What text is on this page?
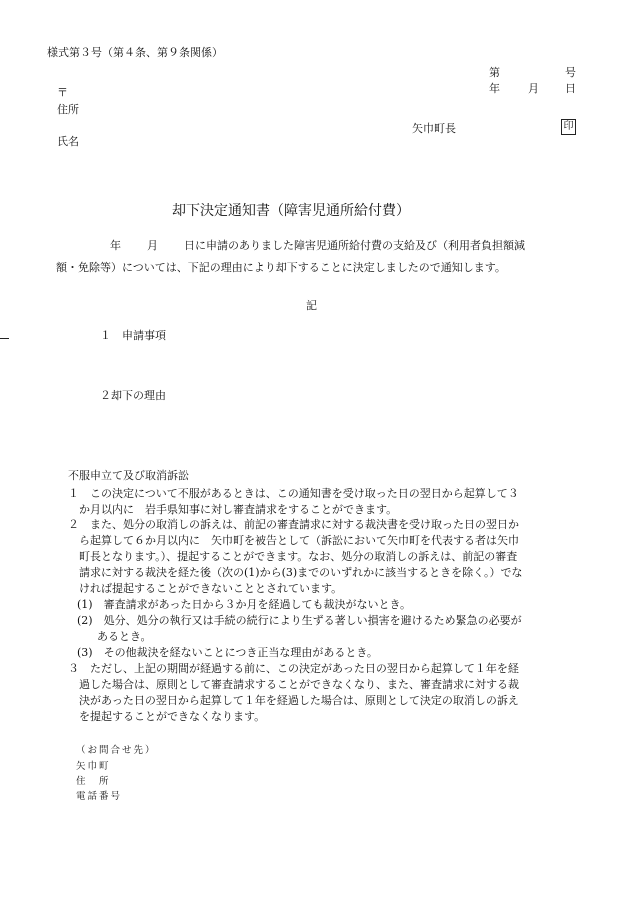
様式第３号（第４条、第９条関係）
第	号
年	月 日
〒
住所
氏名
矢巾町長	印
却下決定通知書（障害児通所給付費）
年 月 日に申請のありました障害児通所給付費の支給及び（利用者負担額減
額・免除等）については、下記の理由により却下することに決定しましたので通知します。
記
１　申請事項
２却下の理由
不服申立て及び取消訴訟
１　この決定について不服があるときは、この通知書を受け取った日の翌日から起算して３
か月以内に　岩手県知事に対し審査請求をすることができます。
２　また、処分の取消しの訴えは、前記の審査請求に対する裁決書を受け取った日の翌日か
ら起算して６か月以内に　矢巾町を被告として（訴訟において矢巾町を代表する者は矢巾
町長となります。）、提起することができます。なお、処分の取消しの訴えは、前記の審査
請求に対する裁決を経た後（次の(1)から(3)までのいずれかに該当するときを除く。）でな
ければ提起することができないこととされています。
(1)　審査請求があった日から３か月を経過しても裁決がないとき。
(2)　処分、処分の執行又は手続の続行により生ずる著しい損害を避けるため緊急の必要が
あるとき。
(3)　その他裁決を経ないことにつき正当な理由があるとき。
３　ただし、上記の期間が経過する前に、この決定があった日の翌日から起算して１年を経
過した場合は、原則として審査請求することができなくなり、また、審査請求に対する裁
決があった日の翌日から起算して１年を経過した場合は、原則として決定の取消しの訴え
を提起することができなくなります。
（お問合せ先）
矢巾町
住　所
電話番号
